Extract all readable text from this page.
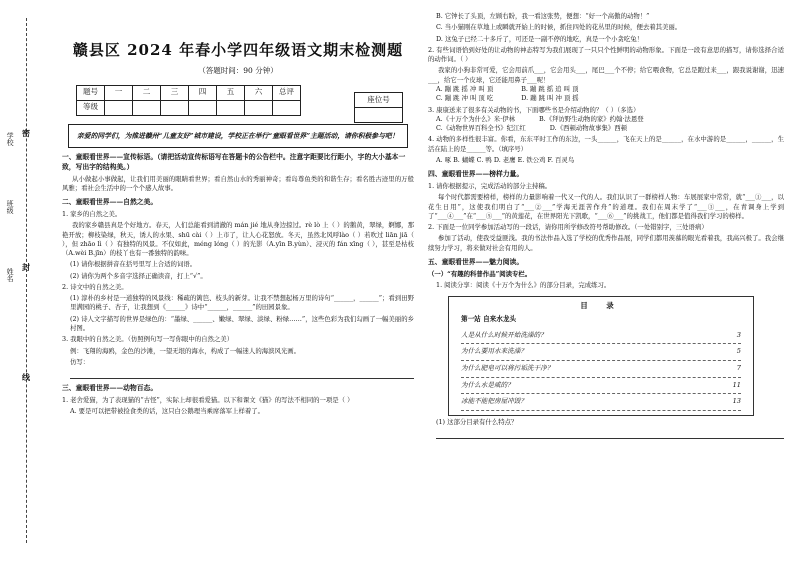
密
封
线
学校
班级
姓名
赣县区 2024 年春小学四年级语文期末检测题
（答题时间：90 分钟）
题号	一	二	三	四	五	六	总评
等级							
座位号

亲爱的同学们，为推进赣州“儿童友好”城市建设，学校正在举行“童眼看世界”主题活动，请你积极参与吧！
一、童眼看世界——宣传标语。（请把活动宣传标语写在答题卡的公告栏中。注意字距要比行距小，字的大小基本一致，写出字的结构美。）
从小做起小事做起，让我们用美丽的眼睛看世界；看自然山水的秀丽神奇；看岛尊鱼类的和谐生存；看名胜古迹里的万般风雅；看社会生活中的一个个感人故事。
二、童眼看世界——自然之美。
1. 家乡的自然之美。
我的家乡赣县真是个好地方。春天，人们总能看到清澈的 mán jié 地从身边掠过。rè lò 上（ ）的鹅黄，翠绿，婀娜，那艳开放；柳枝染绿，秋天，诱人的水果、shū cài（ ）上市了，让人心花怒放。冬天，虽然北风呼lào（ ）若吹过 liān jiā（ ），但 zhāo lì（ ）有独特的风景。不仅如此，méng lóng（ ）的光影（A.yīn B.yùn）、浸灭的 fán xīng（ ），甚至是枯枝（A.wèi B.jīn）的枝丫也有一番独特的韵味。
(1) 请你根据拼音在括号里写上合适的词语。
(2) 请你为两个多音字选择正确读音，打上“√”。
2. 诗文中的自然之美。
(1) 淳朴的乡村是一道独特的风景线：稀疏的篱笆、枝头的新芽。让我不禁想起杨万里的诗句“______，______”；看到田野里满园的桃子、杏子，让我想到《______》诗中“______，______”的田园景象。
(2) 诗人文字描写的世界是绿色的：“墨绿、______、嫩绿、翠绿、淡绿、粉绿……”，这些色彩为我们勾画了一幅美丽的乡村图。
3. 我眼中的自然之美。（仿照例句写一写你眼中的自然之美）
例：飞翔的海鸥，金色的沙滩，一望无垠的海水，构成了一幅迷人的海滨风光画。
仿写：
三、童眼看世界——动物百态。
1. 老舍爱猫，为了表现猫的“古怪”，实际上却很看爱猫。以下和课文《猫》的写法不相同的一项是（ ）
A. 要是可以把带被捡食类的话，这只白公鹅理当乘席落军上样着了。
B. 它钟长了头顶，左顾右盼，我一看这张势，便想：“好一个高傲的动物！”
C. 当小猫刚在草地上或瞬就开始上的时候，抓住四处的花丛里的时候，便去着其美丽。
D. 这兔子已经二十多斤了，可还是一副不停的地吃，真是一个小贪吃兔！
2. 有些词语恰到好处的让动物的神态特写为我们展现了一只只个性鲜明的动物形象。下面是一段有意思的描写，请你选择合适的动作词。（ ）
我家的小狗非常可爱，它会用前爪___，它会用头___，尾巴___个不停；给它喂食物，它总是跑过来___，跟我说谢谢，迅速___，给它一个皮球，它还能用鼻子___呢！
A. 蹦 跳 摇 冲 叫 顶	B. 蹦 跳 摇 追 叫 顶
C. 蹦 跳 冲 叫 顶 吃	D. 蹦 跳 叫 冲 顶 摇
3. 康康送来了很多有关动物的书，下面哪些书是介绍动物的？（ ）（多选）
A.《十万个为什么》米·伊林	B.《拜访野生动物的家》约翰·法恩登
C.《动物世界百科全书》纪江红	D.《西顿动物故事集》西顿
4. 动物的多样性很丰富。你看，东东平时工作的东边，一头______，飞在天上的是______，在水中游的是______，______，生活在陆上的是______等。（填序号）
A. 啄 B. 蝴蝶 C. 鸭 D. 老鹰 E. 铁公鸡 F. 百灵鸟
四、童眼看世界——榜样力量。
1. 请你根据提示，完成活动的部分主持稿。
每个时代都需要榜样，榜样的力量影响着一代又一代的人。我们认识了一群榜样人物：车展展家中常常，就“___①___，以花生日用”，这使我们明白了“___②___”学海无涯苦作舟”的道理。我们在周末学了“___③___，在青调身上学到了“___④___”在“___⑤___”的黄莲花，在世界阳光下凯歌，“___⑥___”的挑战工，他们都是值得我们学习的榜样。
2. 下面是一位同学参加活动写的一段话，请你用所学修改符号帮助修改。（一处错别字，三处语病）
参加了活动，使我受益匪浅。我的书法作品入选了学校的优秀作品展，同学们都用羡慕的眼光看着我，我高兴极了。我会继续努力学习，将来做对社会有用的人。
五、童眼看世界——魅力阅读。
（一）“有趣的科普作品”阅读专栏。
1. 阅读分享：阅读《十万个为什么》的部分目录，完成练习。
目 录
第一站 自来水龙头
人是从什么时候开始洗澡的？	3
为什么要用水来洗澡？	5
为什么肥皂可以将污垢洗干净？	7
为什么水是咸的？	11
冰能不能把房屋冲毁？	13
(1) 这部分目录有什么特点？
